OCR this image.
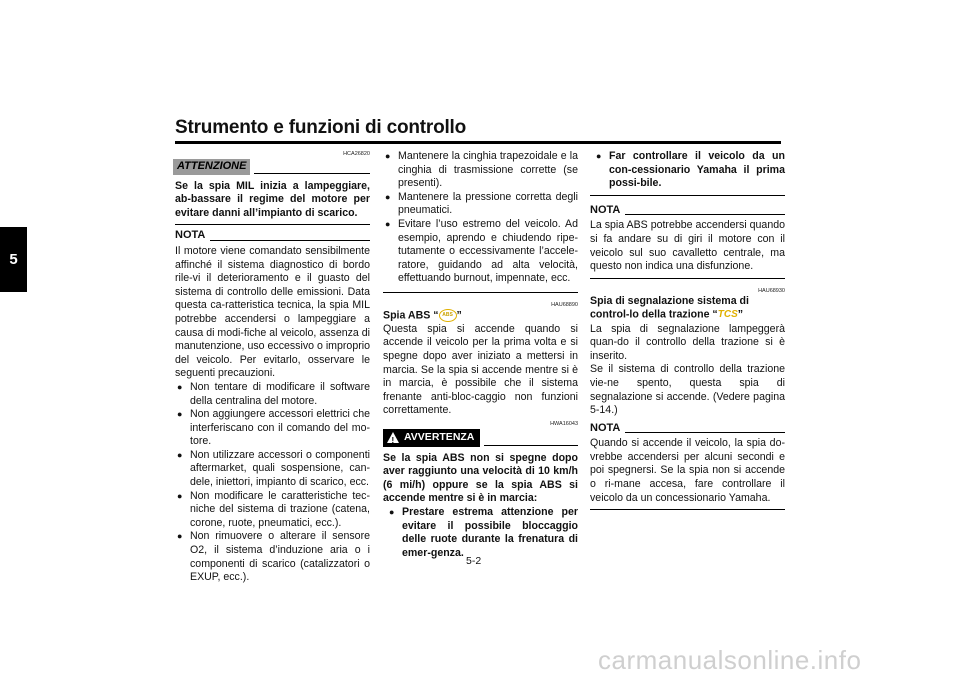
Strumento e funzioni di controllo
5
HCA26820
ATTENZIONE

Se la spia MIL inizia a lampeggiare, ab-bassare il regime del motore per evitare danni all’impianto di scarico.

NOTA

Il motore viene comandato sensibilmente affinché il sistema diagnostico di bordo rile-vi il deterioramento e il guasto del sistema di controllo delle emissioni. Data questa ca-ratteristica tecnica, la spia MIL potrebbe accendersi o lampeggiare a causa di modi-fiche al veicolo, assenza di manutenzione, uso eccessivo o improprio del veicolo. Per evitarlo, osservare le seguenti precauzioni.

● Non tentare di modificare il software della centralina del motore.
● Non aggiungere accessori elettrici che interferiscano con il comando del mo-tore.
● Non utilizzare accessori o componenti aftermarket, quali sospensione, can-dele, iniettori, impianto di scarico, ecc.
● Non modificare le caratteristiche tec-niche del sistema di trazione (catena, corone, ruote, pneumatici, ecc.).
● Non rimuovere o alterare il sensore O2, il sistema d’induzione aria o i componenti di scarico (catalizzatori o EXUP, ecc.).
● Mantenere la cinghia trapezoidale e la cinghia di trasmissione corrette (se presenti).
● Mantenere la pressione corretta degli pneumatici.
● Evitare l’uso estremo del veicolo. Ad esempio, aprendo e chiudendo ripe-tutamente o eccessivamente l’accele-ratore, guidando ad alta velocità, effettuando burnout, impennate, ecc.
HAU68890

Spia ABS “ ABS ”

Questa spia si accende quando si accende il veicolo per la prima volta e si spegne dopo aver iniziato a mettersi in marcia. Se la spia si accende mentre si è in marcia, è possibile che il sistema frenante anti-bloc-caggio non funzioni correttamente.

HWA16043
! AVVERTENZA

Se la spia ABS non si spegne dopo aver raggiunto una velocità di 10 km/h (6 mi/h) oppure se la spia ABS si accende mentre si è in marcia:

● Prestare estrema attenzione per evitare il possibile bloccaggio delle ruote durante la frenatura di emer-genza.
● Far controllare il veicolo da un con-cessionario Yamaha il prima possi-bile.
NOTA

La spia ABS potrebbe accendersi quando si fa andare su di giri il motore con il veicolo sul suo cavalletto centrale, ma questo non indica una disfunzione.

HAU68930

Spia di segnalazione sistema di control-lo della trazione “TCS”

La spia di segnalazione lampeggerà quan-do il controllo della trazione si è inserito.

Se il sistema di controllo della trazione vie-ne spento, questa spia di segnalazione si accende. (Vedere pagina 5-14.)

NOTA

Quando si accende il veicolo, la spia do-vrebbe accendersi per alcuni secondi e poi spegnersi. Se la spia non si accende o ri-mane accesa, fare controllare il veicolo da un concessionario Yamaha.

5-2
carmanualsonline.info
